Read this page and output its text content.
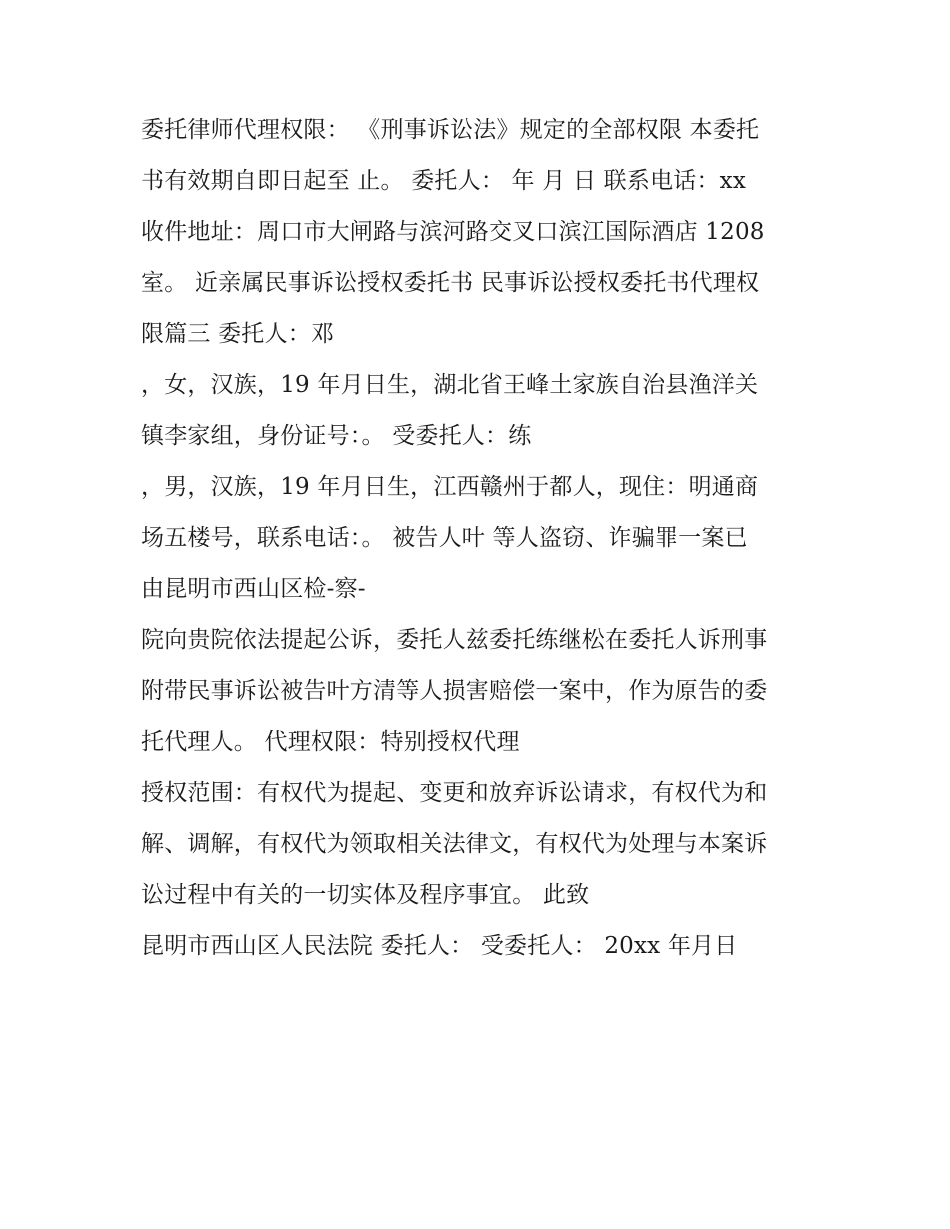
委托律师代理权限： 《刑事诉讼法》规定的全部权限 本委托
书有效期自即日起至 止。 委托人： 年 月 日 联系电话：xx
收件地址：周口市大闸路与滨河路交叉口滨江国际酒店 1208
室。 近亲属民事诉讼授权委托书 民事诉讼授权委托书代理权
限篇三 委托人：邓
，女，汉族，19 年月日生，湖北省王峰土家族自治县渔洋关
镇李家组，身份证号：。 受委托人：练
，男，汉族，19 年月日生，江西赣州于都人，现住：明通商
场五楼号，联系电话：。 被告人叶 等人盗窃、诈骗罪一案已
由昆明市西山区检-察-
院向贵院依法提起公诉，委托人兹委托练继松在委托人诉刑事
附带民事诉讼被告叶方清等人损害赔偿一案中，作为原告的委
托代理人。 代理权限：特别授权代理
授权范围：有权代为提起、变更和放弃诉讼请求，有权代为和
解、调解，有权代为领取相关法律文，有权代为处理与本案诉
讼过程中有关的一切实体及程序事宜。 此致
昆明市西山区人民法院 委托人： 受委托人： 20xx 年月日
